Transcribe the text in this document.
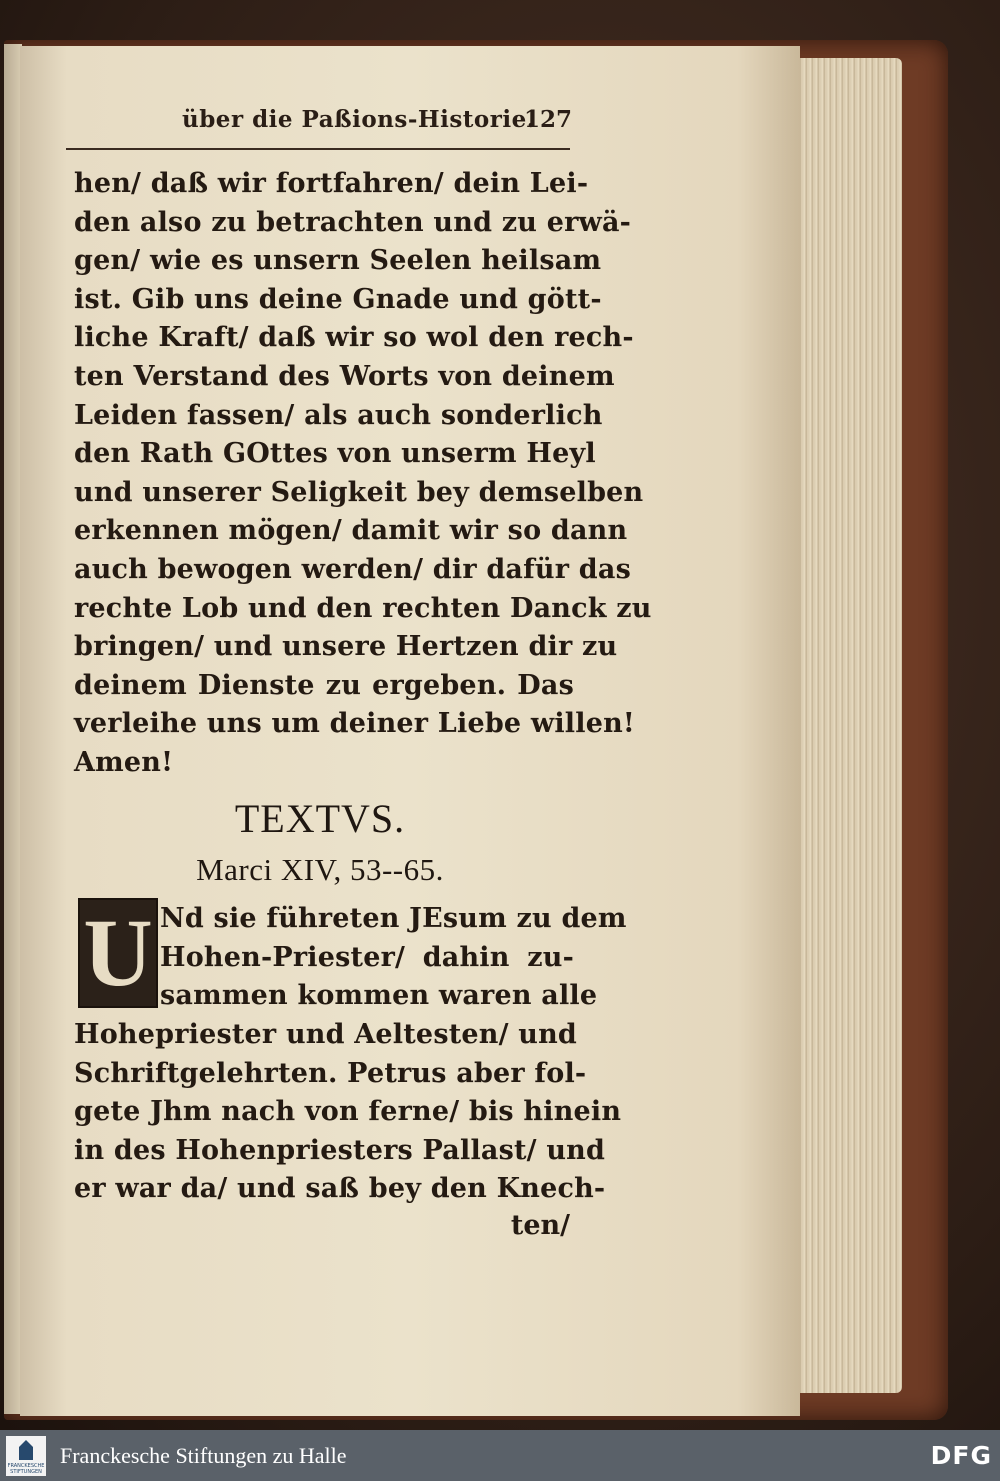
über die Paßions-Historie.
127
hen/ daß wir fortfahren/ dein Lei-
den also zu betrachten und zu erwä-
gen/ wie es unsern Seelen heilsam
ist. Gib uns deine Gnade und gött-
liche Kraft/ daß wir so wol den rech-
ten Verstand des Worts von deinem
Leiden fassen/ als auch sonderlich
den Rath GOttes von unserm Heyl
und unserer Seligkeit bey demselben
erkennen mögen/ damit wir so dann
auch bewogen werden/ dir dafür das
rechte Lob und den rechten Danck zu
bringen/ und unsere Hertzen dir zu
deinem Dienste zu ergeben. Das
verleihe uns um deiner Liebe willen!
Amen!
TEXTVS.
Marci XIV, 53--65.
U Nd sie führeten JEsum zu dem
Hohen-Priester/ dahin zu-
sammen kommen waren alle
Hohepriester und Aeltesten/ und
Schriftgelehrten. Petrus aber fol-
gete Jhm nach von ferne/ bis hinein
in des Hohenpriesters Pallast/ und
er war da/ und saß bey den Knech-
ten/
FRANCKESCHE STIFTUNGEN
Franckesche Stiftungen zu Halle	DFG
